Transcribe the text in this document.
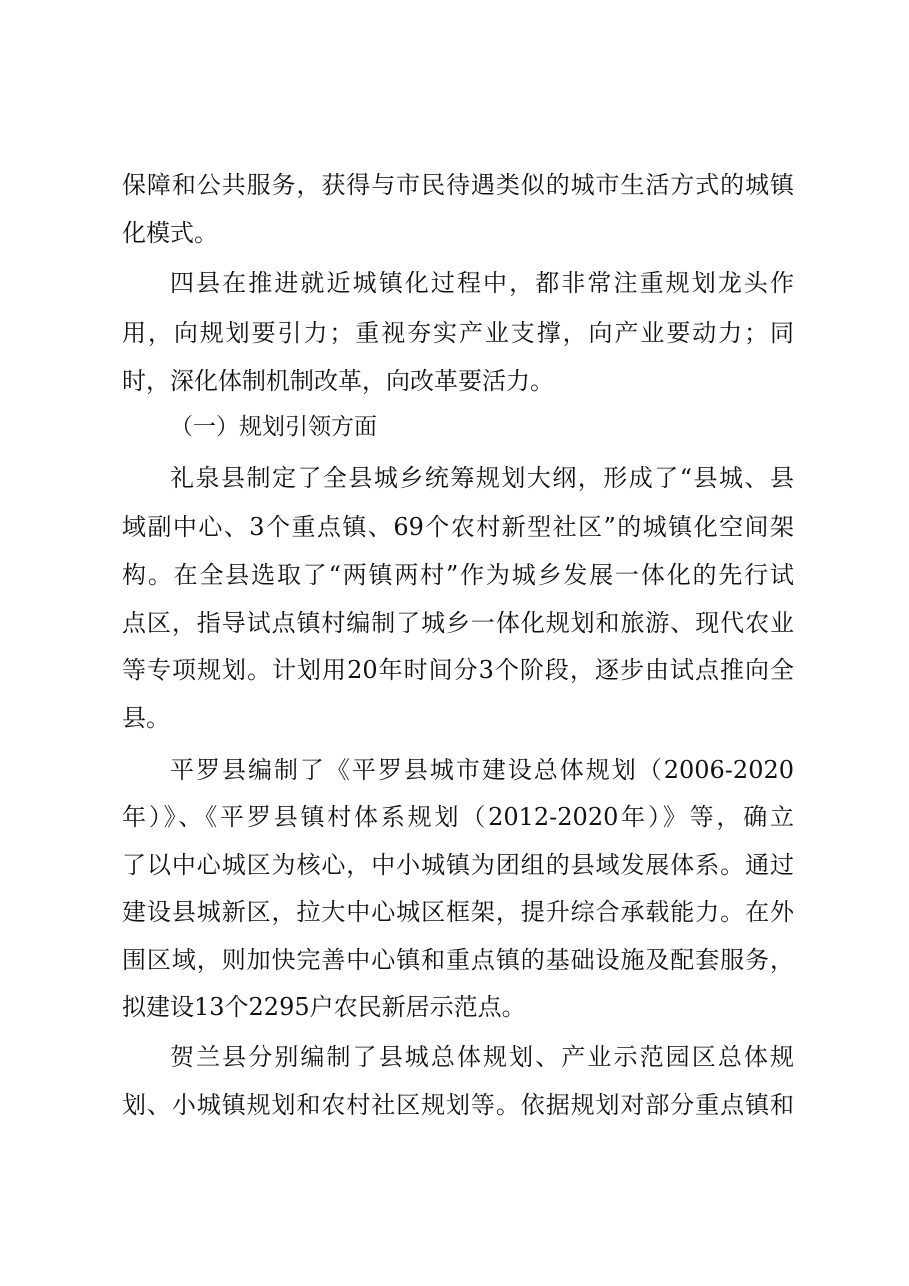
保障和公共服务，获得与市民待遇类似的城市生活方式的城镇
化模式。
四县在推进就近城镇化过程中，都非常注重规划龙头作
用，向规划要引力；重视夯实产业支撑，向产业要动力；同
时，深化体制机制改革，向改革要活力。
（一）规划引领方面
礼泉县制定了全县城乡统筹规划大纲，形成了“县城、县
域副中心、3个重点镇、69个农村新型社区”的城镇化空间架
构。在全县选取了“两镇两村”作为城乡发展一体化的先行试
点区，指导试点镇村编制了城乡一体化规划和旅游、现代农业
等专项规划。计划用20年时间分3个阶段，逐步由试点推向全
县。
平罗县编制了《平罗县城市建设总体规划（2006-2020
年）》、《平罗县镇村体系规划（2012-2020年）》等，确立
了以中心城区为核心，中小城镇为团组的县域发展体系。通过
建设县城新区，拉大中心城区框架，提升综合承载能力。在外
围区域，则加快完善中心镇和重点镇的基础设施及配套服务，
拟建设13个2295户农民新居示范点。
贺兰县分别编制了县城总体规划、产业示范园区总体规
划、小城镇规划和农村社区规划等。依据规划对部分重点镇和
